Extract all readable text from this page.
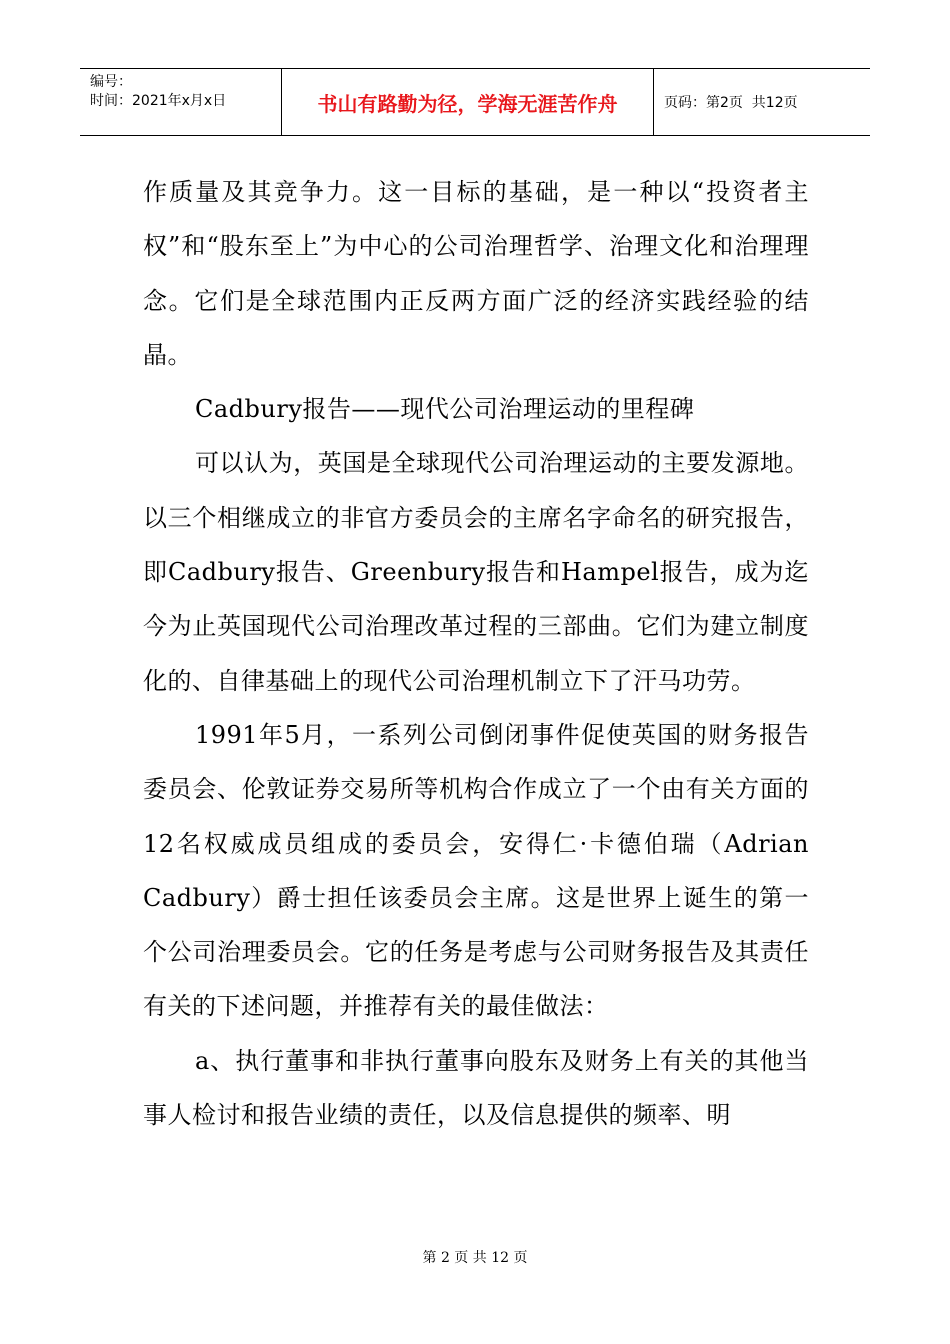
编号：
时间：2021年x月x日	书山有路勤为径，学海无涯苦作舟	页码：第2页  共12页

作质量及其竞争力。这一目标的基础，是一种以“投资者主权”和“股东至上”为中心的公司治理哲学、治理文化和治理理念。它们是全球范围内正反两方面广泛的经济实践经验的结晶。

Cadbury报告——现代公司治理运动的里程碑

可以认为，英国是全球现代公司治理运动的主要发源地。以三个相继成立的非官方委员会的主席名字命名的研究报告，即Cadbury报告、Greenbury报告和Hampel报告，成为迄今为止英国现代公司治理改革过程的三部曲。它们为建立制度化的、自律基础上的现代公司治理机制立下了汗马功劳。

1991年5月，一系列公司倒闭事件促使英国的财务报告委员会、伦敦证券交易所等机构合作成立了一个由有关方面的12名权威成员组成的委员会，安得仁·卡德伯瑞（Adrian Cadbury）爵士担任该委员会主席。这是世界上诞生的第一个公司治理委员会。它的任务是考虑与公司财务报告及其责任有关的下述问题，并推荐有关的最佳做法：

a、执行董事和非执行董事向股东及财务上有关的其他当事人检讨和报告业绩的责任，以及信息提供的频率、明

第 2 页 共 12 页
